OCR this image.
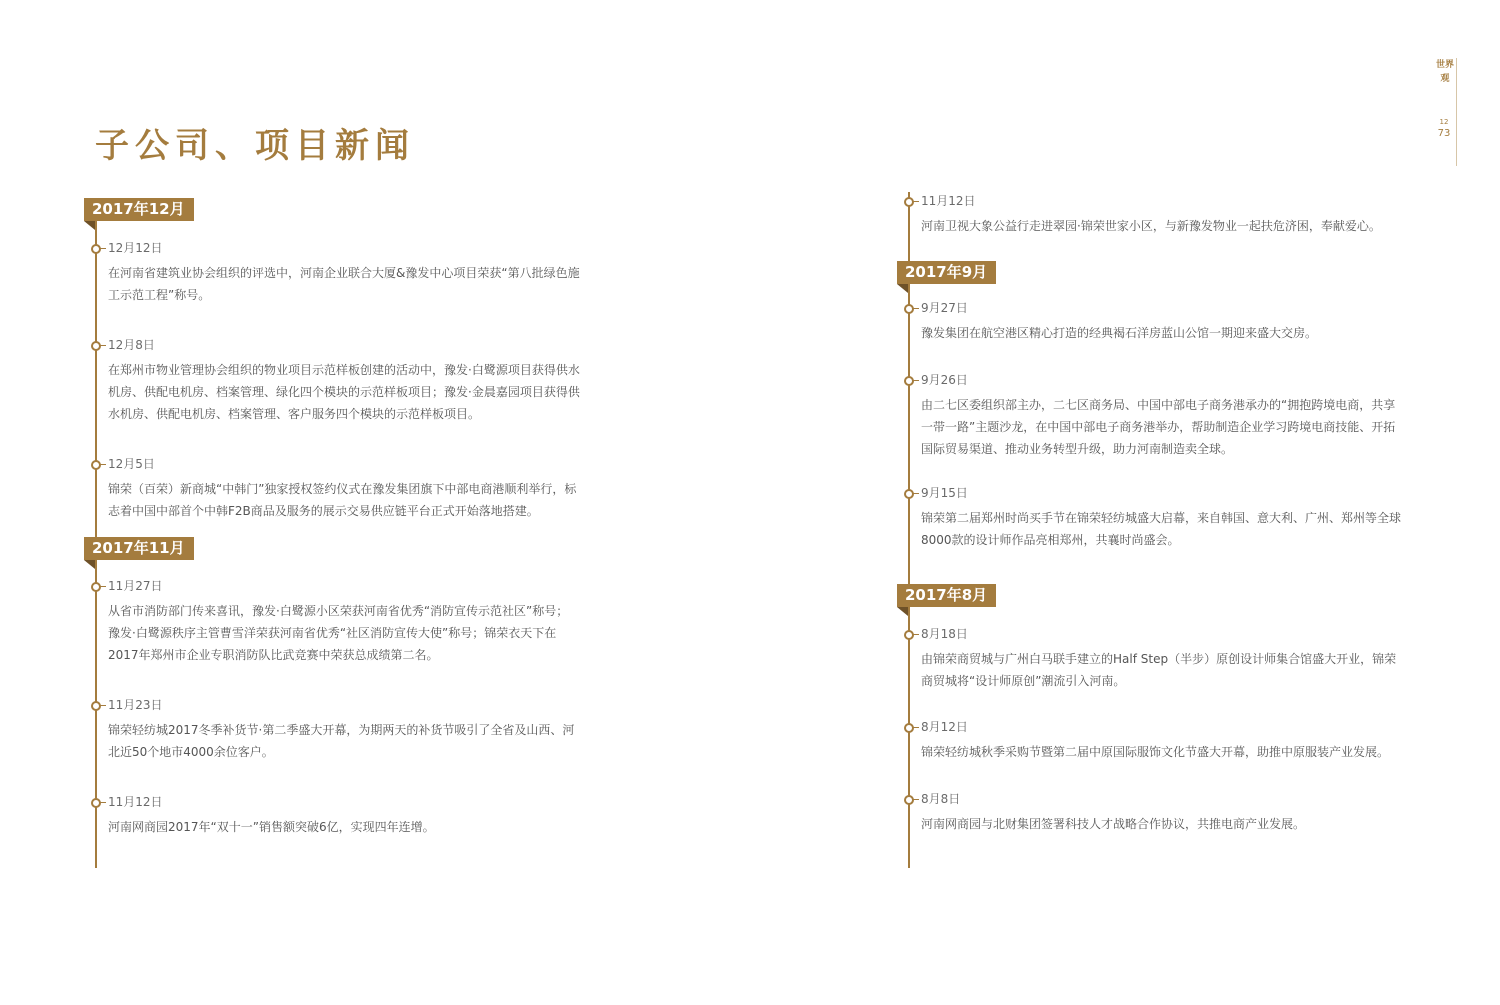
子公司、项目新闻
世界观
12
73
2017年12月
12月12日

在河南省建筑业协会组织的评选中，河南企业联合大厦&豫发中心项目荣获“第八批绿色施工示范工程”称号。

12月8日

在郑州市物业管理协会组织的物业项目示范样板创建的活动中，豫发·白鹭源项目获得供水机房、供配电机房、档案管理、绿化四个模块的示范样板项目；豫发·金晨嘉园项目获得供水机房、供配电机房、档案管理、客户服务四个模块的示范样板项目。

12月5日

锦荣（百荣）新商城“中韩门”独家授权签约仪式在豫发集团旗下中部电商港顺利举行，标志着中国中部首个中韩F2B商品及服务的展示交易供应链平台正式开始落地搭建。

2017年11月
11月27日

从省市消防部门传来喜讯，豫发·白鹭源小区荣获河南省优秀“消防宣传示范社区”称号；豫发·白鹭源秩序主管曹雪洋荣获河南省优秀“社区消防宣传大使”称号；锦荣衣天下在2017年郑州市企业专职消防队比武竞赛中荣获总成绩第二名。

11月23日

锦荣轻纺城2017冬季补货节·第二季盛大开幕，为期两天的补货节吸引了全省及山西、河北近50个地市4000余位客户。

11月12日

河南网商园2017年“双十一”销售额突破6亿，实现四年连增。

11月12日

河南卫视大象公益行走进翠园·锦荣世家小区，与新豫发物业一起扶危济困，奉献爱心。

2017年9月
9月27日

豫发集团在航空港区精心打造的经典褐石洋房蓝山公馆一期迎来盛大交房。

9月26日

由二七区委组织部主办，二七区商务局、中国中部电子商务港承办的“拥抱跨境电商，共享一带一路”主题沙龙，在中国中部电子商务港举办，帮助制造企业学习跨境电商技能、开拓国际贸易渠道、推动业务转型升级，助力河南制造卖全球。

9月15日

锦荣第二届郑州时尚买手节在锦荣轻纺城盛大启幕，来自韩国、意大利、广州、郑州等全球8000款的设计师作品亮相郑州，共襄时尚盛会。

2017年8月
8月18日

由锦荣商贸城与广州白马联手建立的Half Step（半步）原创设计师集合馆盛大开业，锦荣商贸城将“设计师原创”潮流引入河南。

8月12日

锦荣轻纺城秋季采购节暨第二届中原国际服饰文化节盛大开幕，助推中原服装产业发展。

8月8日

河南网商园与北财集团签署科技人才战略合作协议，共推电商产业发展。
